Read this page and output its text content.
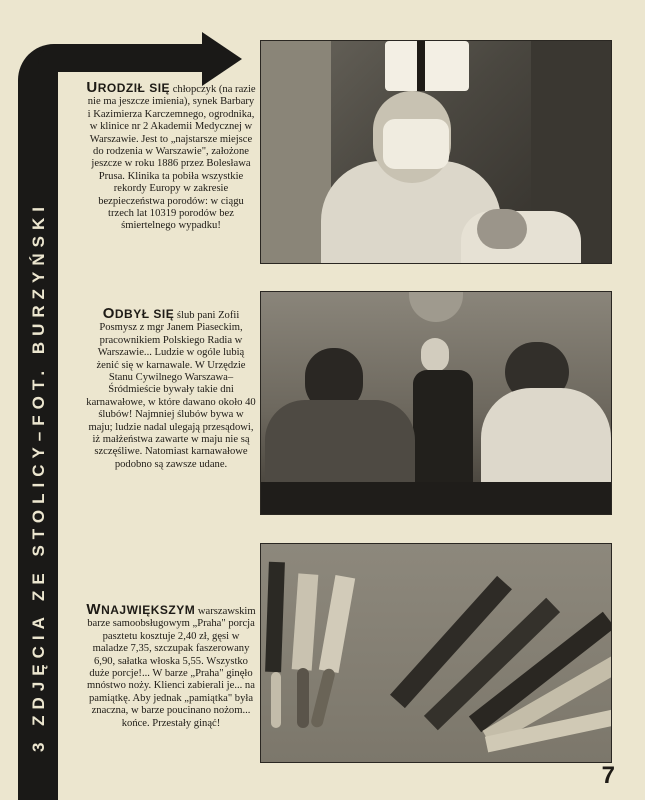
3 ZDJĘCIA ZE STOLICY–FOT. BURZYŃSKI
URODZIŁ SIĘ chłopczyk (na razie nie ma jeszcze imienia), synek Barbary i Kazimierza Karczemnego, ogrodnika, w klinice nr 2 Akademii Medycznej w Warszawie. Jest to „najstarsze miejsce do rodzenia w Warszawie", założone jeszcze w roku 1886 przez Bolesława Prusa. Klinika ta pobiła wszystkie rekordy Europy w zakresie bezpieczeństwa porodów: w ciągu trzech lat 10319 porodów bez śmiertelnego wypadku!
ODBYŁ SIĘ ślub pani Zofii Posmysz z mgr Janem Piaseckim, pracownikiem Polskiego Radia w Warszawie... Ludzie w ogóle lubią żenić się w karnawale. W Urzędzie Stanu Cywilnego Warszawa–Śródmieście bywały takie dni karnawałowe, w które dawano około 40 ślubów! Najmniej ślubów bywa w maju; ludzie nadal ulegają przesądowi, iż małżeństwa zawarte w maju nie są szczęśliwe. Natomiast karnawałowe podobno są zawsze udane.
WNAJWIĘKSZYM warszawskim barze samoobsługowym „Praha" porcja pasztetu kosztuje 2,40 zł, gęsi w maladze 7,35, szczupak faszerowany 6,90, sałatka włoska 5,55. Wszystko duże porcje!... W barze „Praha" ginęło mnóstwo noży. Klienci zabierali je... na pamiątkę. Aby jednak „pamiątka" była znaczna, w barze poucinano nożom... końce. Przestały ginąć!
7
